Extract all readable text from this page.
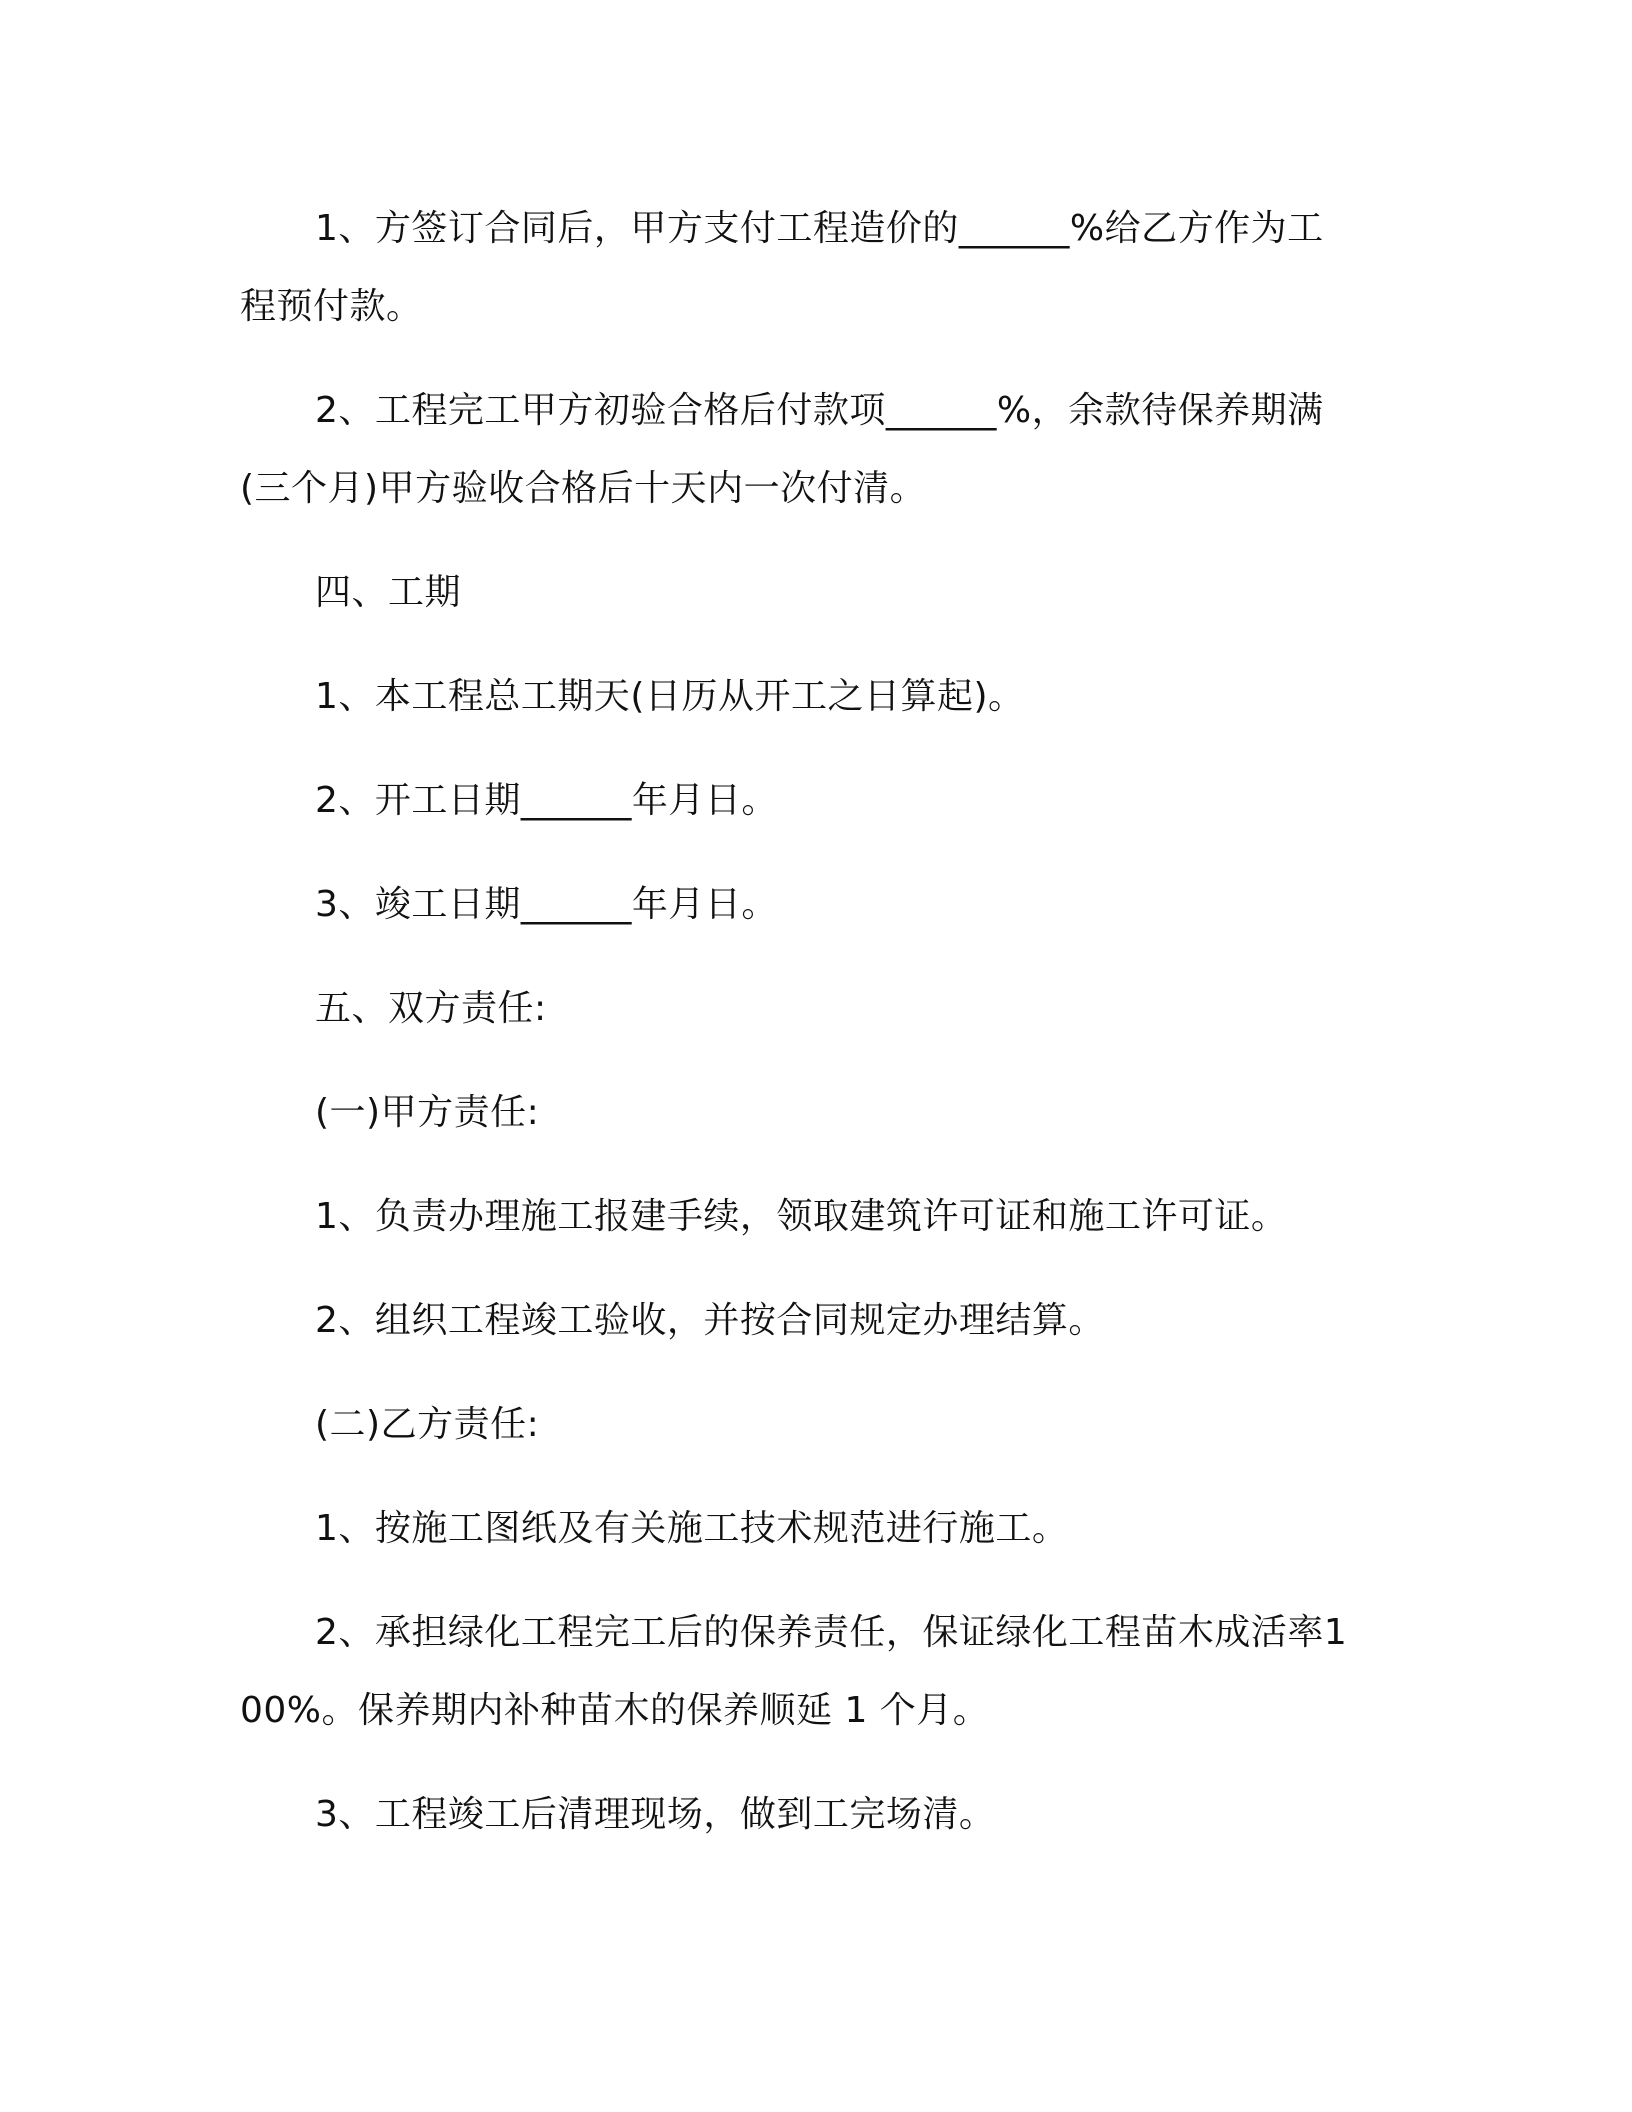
1、方签订合同后，甲方支付工程造价的______%给乙方作为工程预付款。

2、工程完工甲方初验合格后付款项______%，余款待保养期满(三个月)甲方验收合格后十天内一次付清。

四、工期

1、本工程总工期天(日历从开工之日算起)。

2、开工日期______年月日。

3、竣工日期______年月日。

五、双方责任:

(一)甲方责任:

1、负责办理施工报建手续，领取建筑许可证和施工许可证。

2、组织工程竣工验收，并按合同规定办理结算。

(二)乙方责任:

1、按施工图纸及有关施工技术规范进行施工。

2、承担绿化工程完工后的保养责任，保证绿化工程苗木成活率100%。保养期内补种苗木的保养顺延 1 个月。

3、工程竣工后清理现场，做到工完场清。
